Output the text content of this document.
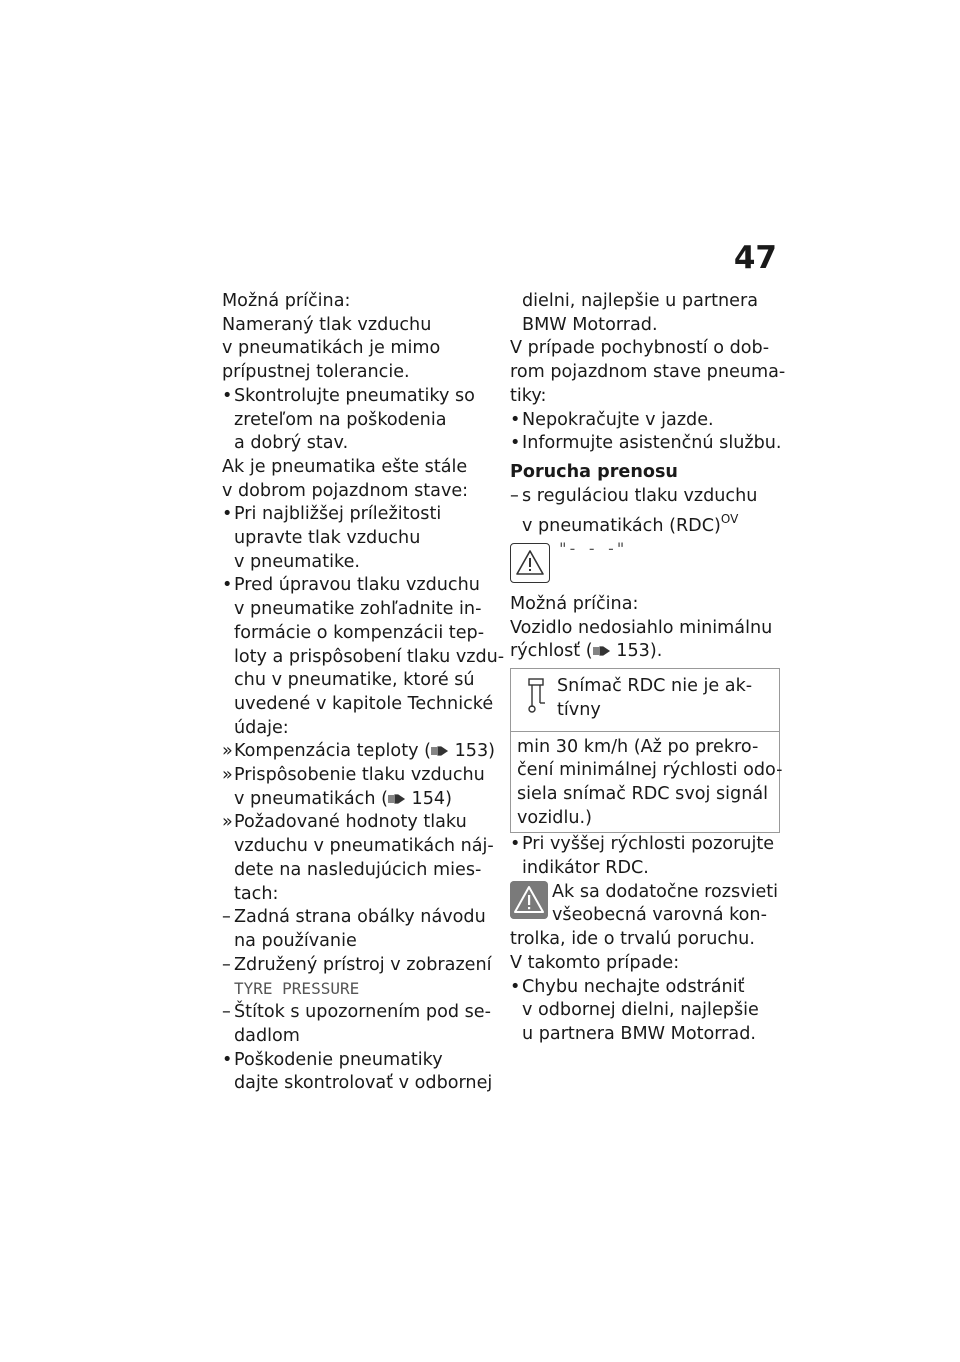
47
Možná príčina:
Nameraný tlak vzduchu
v pneumatikách je mimo
prípustnej tolerancie.
• Skontrolujte pneumatiky so
zreteľom na poškodenia
a dobrý stav.
Ak je pneumatika ešte stále
v dobrom pojazdnom stave:
• Pri najbližšej príležitosti
upravte tlak vzduchu
v pneumatike.
• Pred úpravou tlaku vzduchu
v pneumatike zohľadnite in-
formácie o kompenzácii tep-
loty a prispôsobení tlaku vzdu-
chu v pneumatike, ktoré sú
uvedené v kapitole Technické
údaje:
» Kompenzácia teploty ( 153)
» Prispôsobenie tlaku vzduchu
v pneumatikách ( 154)
» Požadované hodnoty tlaku
vzduchu v pneumatikách náj-
dete na nasledujúcich mies-
tach:
– Zadná strana obálky návodu
na používanie
– Združený prístroj v zobrazení
TYRE PRESSURE
– Štítok s upozornením pod se-
dadlom
• Poškodenie pneumatiky
dajte skontrolovať v odbornej
dielni, najlepšie u partnera
BMW Motorrad.
V prípade pochybností o dob-
rom pojazdnom stave pneuma-
tiky:
• Nepokračujte v jazde.
• Informujte asistenčnú službu.
Porucha prenosu
– s reguláciou tlaku vzduchu
v pneumatikách (RDC)$^{OV}$
"- - -"
Možná príčina:
Vozidlo nedosiahlo minimálnu
rýchlosť ( 153).
Snímač RDC nie je ak-
tívny
min 30 km/h (Až po prekro-
čení minimálnej rýchlosti odo-
siela snímač RDC svoj signál
vozidlu.)
• Pri vyššej rýchlosti pozorujte
indikátor RDC.
Ak sa dodatočne rozsvieti
všeobecná varovná kon-
trolka, ide o trvalú poruchu.
V takomto prípade:
• Chybu nechajte odstrániť
v odbornej dielni, najlepšie
u partnera BMW Motorrad.
